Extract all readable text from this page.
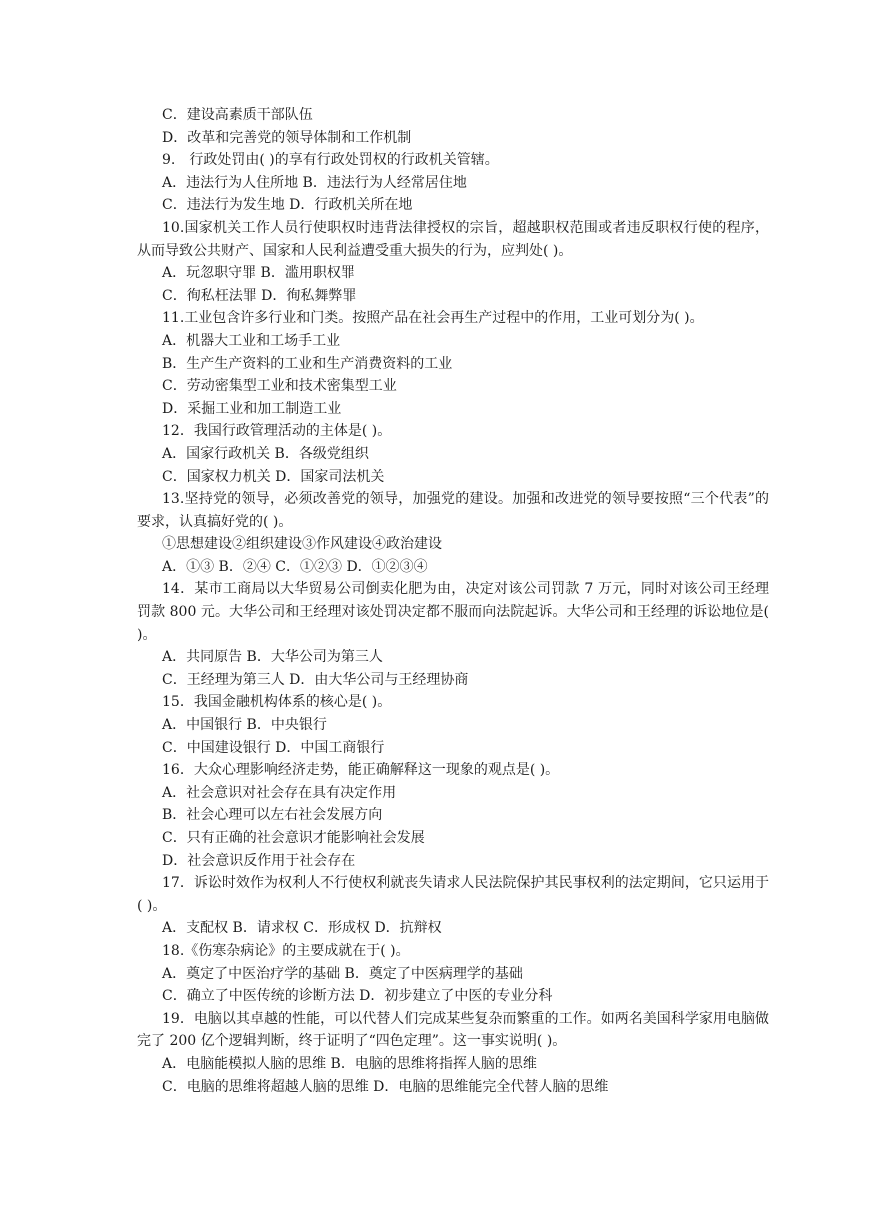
C．建设高素质干部队伍
D．改革和完善党的领导体制和工作机制
9.　行政处罚由( )的享有行政处罚权的行政机关管辖。
A．违法行为人住所地 B．违法行为人经常居住地
C．违法行为发生地 D．行政机关所在地
10.国家机关工作人员行使职权时违背法律授权的宗旨，超越职权范围或者违反职权行使的程序，从而导致公共财产、国家和人民利益遭受重大损失的行为，应判处( )。
A．玩忽职守罪 B．滥用职权罪
C．徇私枉法罪 D．徇私舞弊罪
11.工业包含许多行业和门类。按照产品在社会再生产过程中的作用，工业可划分为( )。
A．机器大工业和工场手工业
B．生产生产资料的工业和生产消费资料的工业
C．劳动密集型工业和技术密集型工业
D．采掘工业和加工制造工业
12．我国行政管理活动的主体是( )。
A．国家行政机关 B．各级党组织
C．国家权力机关 D．国家司法机关
13.坚持党的领导，必须改善党的领导，加强党的建设。加强和改进党的领导要按照“三个代表”的要求，认真搞好党的( )。
①思想建设②组织建设③作风建设④政治建设
A．①③ B．②④ C．①②③ D．①②③④
14．某市工商局以大华贸易公司倒卖化肥为由，决定对该公司罚款 7 万元，同时对该公司王经理罚款 800 元。大华公司和王经理对该处罚决定都不服而向法院起诉。大华公司和王经理的诉讼地位是( )。
A．共同原告 B．大华公司为第三人
C．王经理为第三人 D．由大华公司与王经理协商
15．我国金融机构体系的核心是( )。
A．中国银行 B．中央银行
C．中国建设银行 D．中国工商银行
16．大众心理影响经济走势，能正确解释这一现象的观点是( )。
A．社会意识对社会存在具有决定作用
B．社会心理可以左右社会发展方向
C．只有正确的社会意识才能影响社会发展
D．社会意识反作用于社会存在
17．诉讼时效作为权利人不行使权利就丧失请求人民法院保护其民事权利的法定期间，它只运用于( )。
A．支配权 B．请求权 C．形成权 D．抗辩权
18.《伤寒杂病论》的主要成就在于( )。
A．奠定了中医治疗学的基础 B．奠定了中医病理学的基础
C．确立了中医传统的诊断方法 D．初步建立了中医的专业分科
19．电脑以其卓越的性能，可以代替人们完成某些复杂而繁重的工作。如两名美国科学家用电脑做完了 200 亿个逻辑判断，终于证明了“四色定理”。这一事实说明( )。
A．电脑能模拟人脑的思维 B．电脑的思维将指挥人脑的思维
C．电脑的思维将超越人脑的思维 D．电脑的思维能完全代替人脑的思维
